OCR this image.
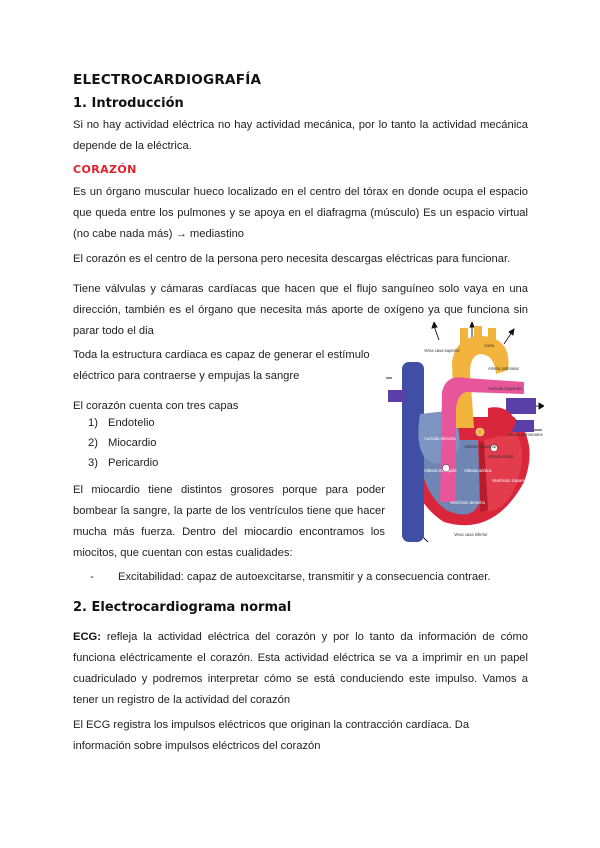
ELECTROCARDIOGRAFÍA
1. Introducción

Si no hay actividad eléctrica no hay actividad mecánica, por lo tanto la actividad mecánica depende de la eléctrica.

CORAZÓN

Es un órgano muscular hueco localizado en el centro del tórax en donde ocupa el espacio que queda entre los pulmones y se apoya en el diafragma (músculo) Es un espacio virtual (no cabe nada más) → mediastino

El corazón es el centro de la persona pero necesita descargas eléctricas para funcionar.

Tiene válvulas y cámaras cardíacas que hacen que el flujo sanguíneo solo vaya en una dirección, también es el órgano que necesita más aporte de oxígeno ya que funciona sin parar todo el dia

Toda la estructura cardiaca es capaz de generar el estímulo eléctrico para contraerse y empujas la sangre

El corazón cuenta con tres capas

1) Endotelio
2) Miocardio
3) Pericardio

El miocardio tiene distintos grosores porque para poder bombear la sangre, la parte de los ventrículos tiene que hacer mucha más fuerza. Dentro del miocardio encontramos los miocitos, que cuentan con estas cualidades:

-	Excitabilidad: capaz de autoexcitarse, transmitir y a consecuencia contraer.
2. Electrocardiograma normal

ECG: refleja la actividad eléctrica del corazón y por lo tanto da información de cómo funciona eléctricamente el corazón. Esta actividad eléctrica se va a imprimir en un papel cuadriculado y podremos interpretar cómo se está conduciendo este impulso. Vamos a tener un registro de la actividad del corazón

El ECG registra los impulsos eléctricos que originan la contracción cardíaca. Da información sobre impulsos eléctricos del corazón

Vena cava superior
Aorta
Arteria pulmonar
Aurícula izquierda
Venas pulmonares
Aurícula derecha
Válvula pulmonar
Válvula mitral
Válvula tricúspide Válvula aórtica
Ventrículo izquierdo
Ventrículo derecho
Vena cava inferior
